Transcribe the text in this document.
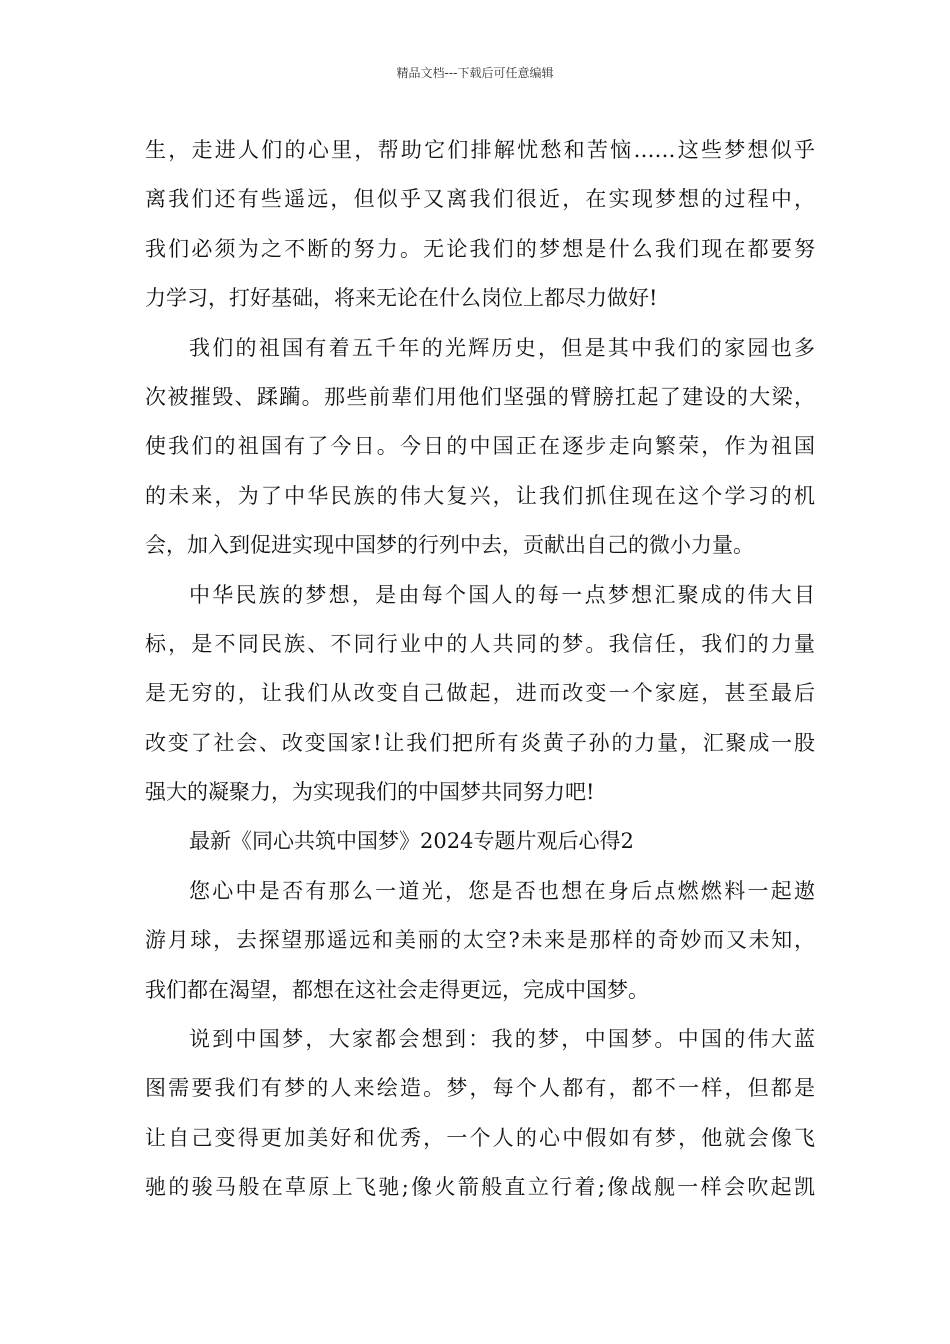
精品文档---下载后可任意编辑
生，走进人们的心里，帮助它们排解忧愁和苦恼……这些梦想似乎
离我们还有些遥远，但似乎又离我们很近，在实现梦想的过程中，
我们必须为之不断的努力。无论我们的梦想是什么我们现在都要努
力学习，打好基础，将来无论在什么岗位上都尽力做好!
我们的祖国有着五千年的光辉历史，但是其中我们的家园也多
次被摧毁、蹂躏。那些前辈们用他们坚强的臂膀扛起了建设的大梁，
使我们的祖国有了今日。今日的中国正在逐步走向繁荣，作为祖国
的未来，为了中华民族的伟大复兴，让我们抓住现在这个学习的机
会，加入到促进实现中国梦的行列中去，贡献出自己的微小力量。
中华民族的梦想，是由每个国人的每一点梦想汇聚成的伟大目
标，是不同民族、不同行业中的人共同的梦。我信任，我们的力量
是无穷的，让我们从改变自己做起，进而改变一个家庭，甚至最后
改变了社会、改变国家!让我们把所有炎黄子孙的力量，汇聚成一股
强大的凝聚力，为实现我们的中国梦共同努力吧!
最新《同心共筑中国梦》2024专题片观后心得2
您心中是否有那么一道光，您是否也想在身后点燃燃料一起遨
游月球，去探望那遥远和美丽的太空?未来是那样的奇妙而又未知，
我们都在渴望，都想在这社会走得更远，完成中国梦。
说到中国梦，大家都会想到：我的梦，中国梦。中国的伟大蓝
图需要我们有梦的人来绘造。梦，每个人都有，都不一样，但都是
让自己变得更加美好和优秀，一个人的心中假如有梦，他就会像飞
驰的骏马般在草原上飞驰;像火箭般直立行着;像战舰一样会吹起凯
